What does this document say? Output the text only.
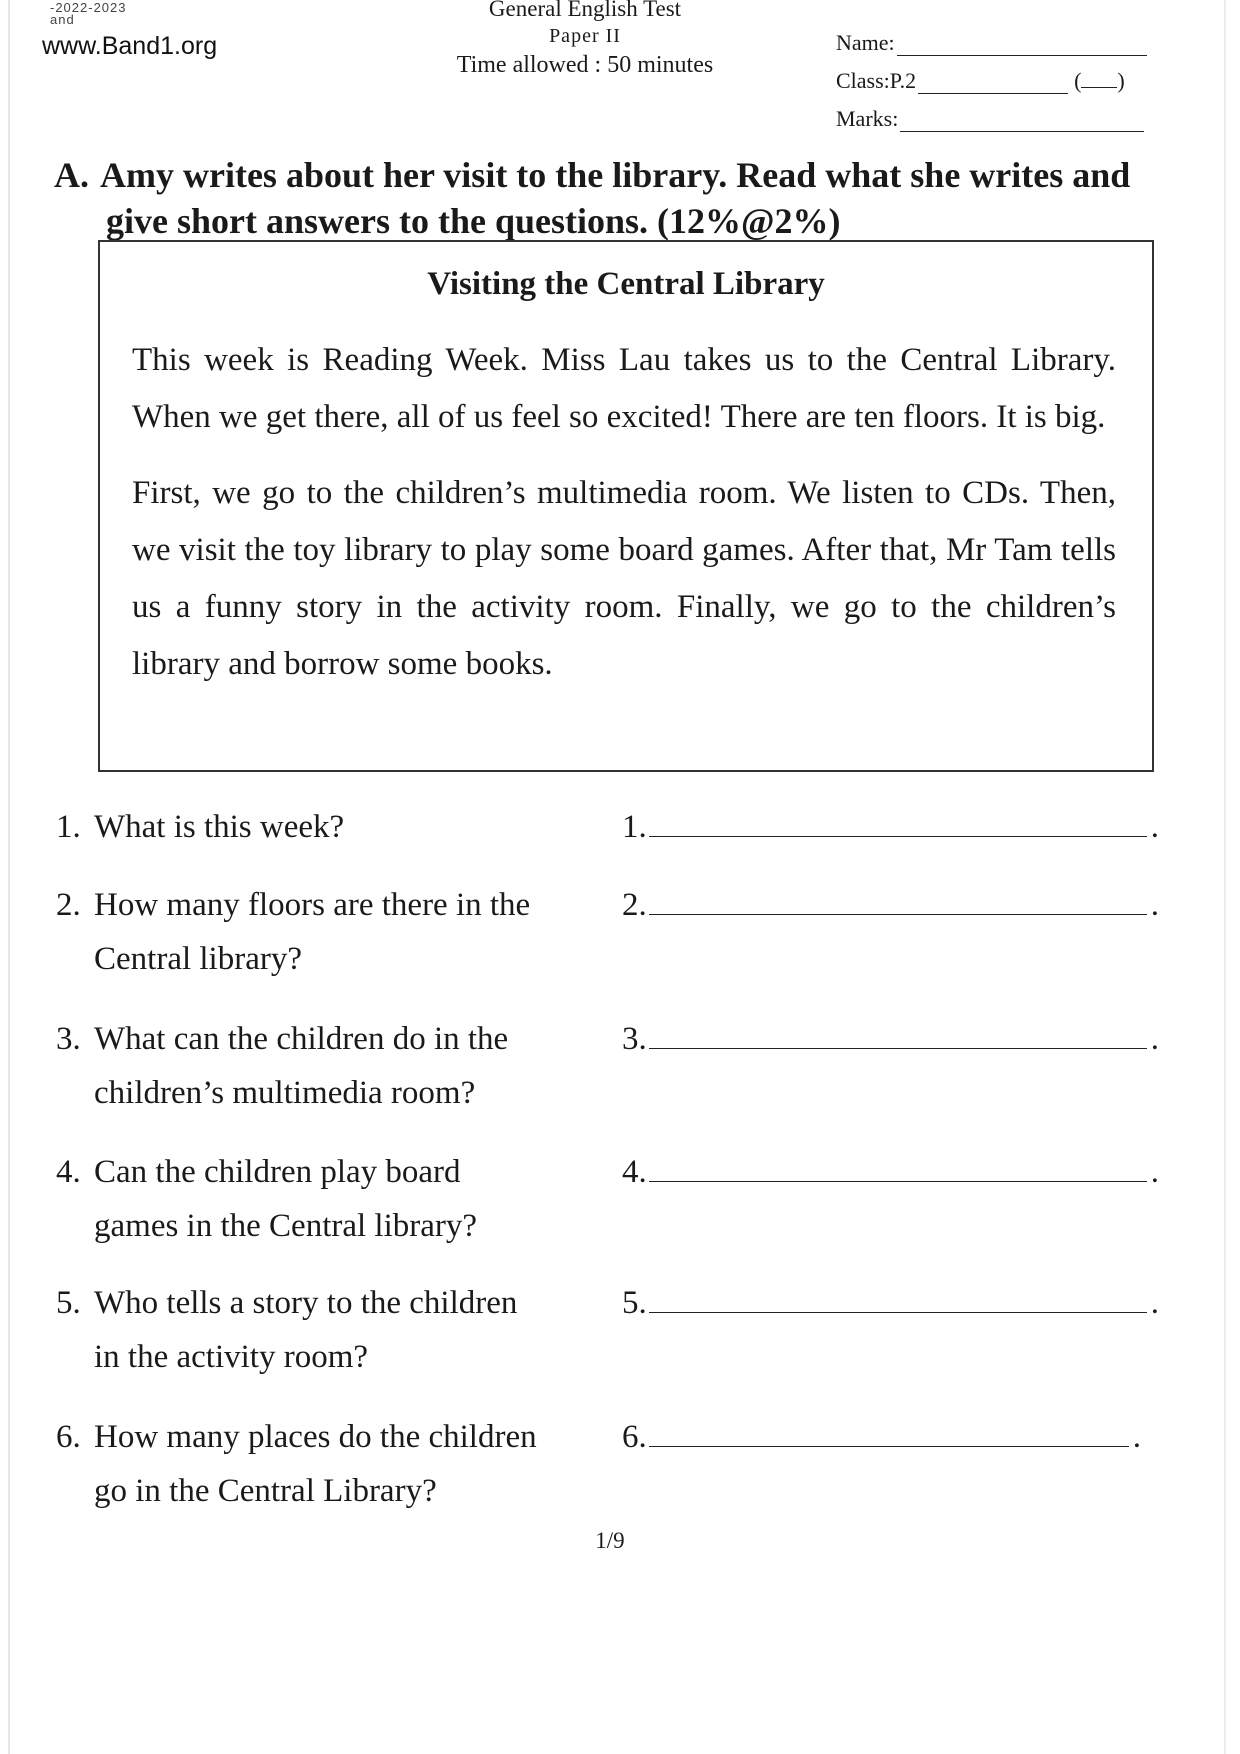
-2022-2023
and
www.Band1.org
General English Test
Paper II
Time allowed : 50 minutes
Name:
Class:P.2	( )
Marks:
A. Amy writes about her visit to the library. Read what she writes and
give short answers to the questions. (12%@2%)
Visiting the Central Library

This week is Reading Week. Miss Lau takes us to the Central Library. When we get there, all of us feel so excited! There are ten floors. It is big.

First, we go to the children’s multimedia room. We listen to CDs. Then, we visit the toy library to play some board games. After that, Mr Tam tells us a funny story in the activity room. Finally, we go to the children’s library and borrow some books.

1. What is this week?	1.	.
2. How many floors are there in the
Central library?
2.	.
3. What can the children do in the
children’s multimedia room?
3.	.
4. Can the children play board
games in the Central library?
4.	.
5. Who tells a story to the children
in the activity room?
5.	.
6. How many places do the children
go in the Central Library?
6.	.
1/9
